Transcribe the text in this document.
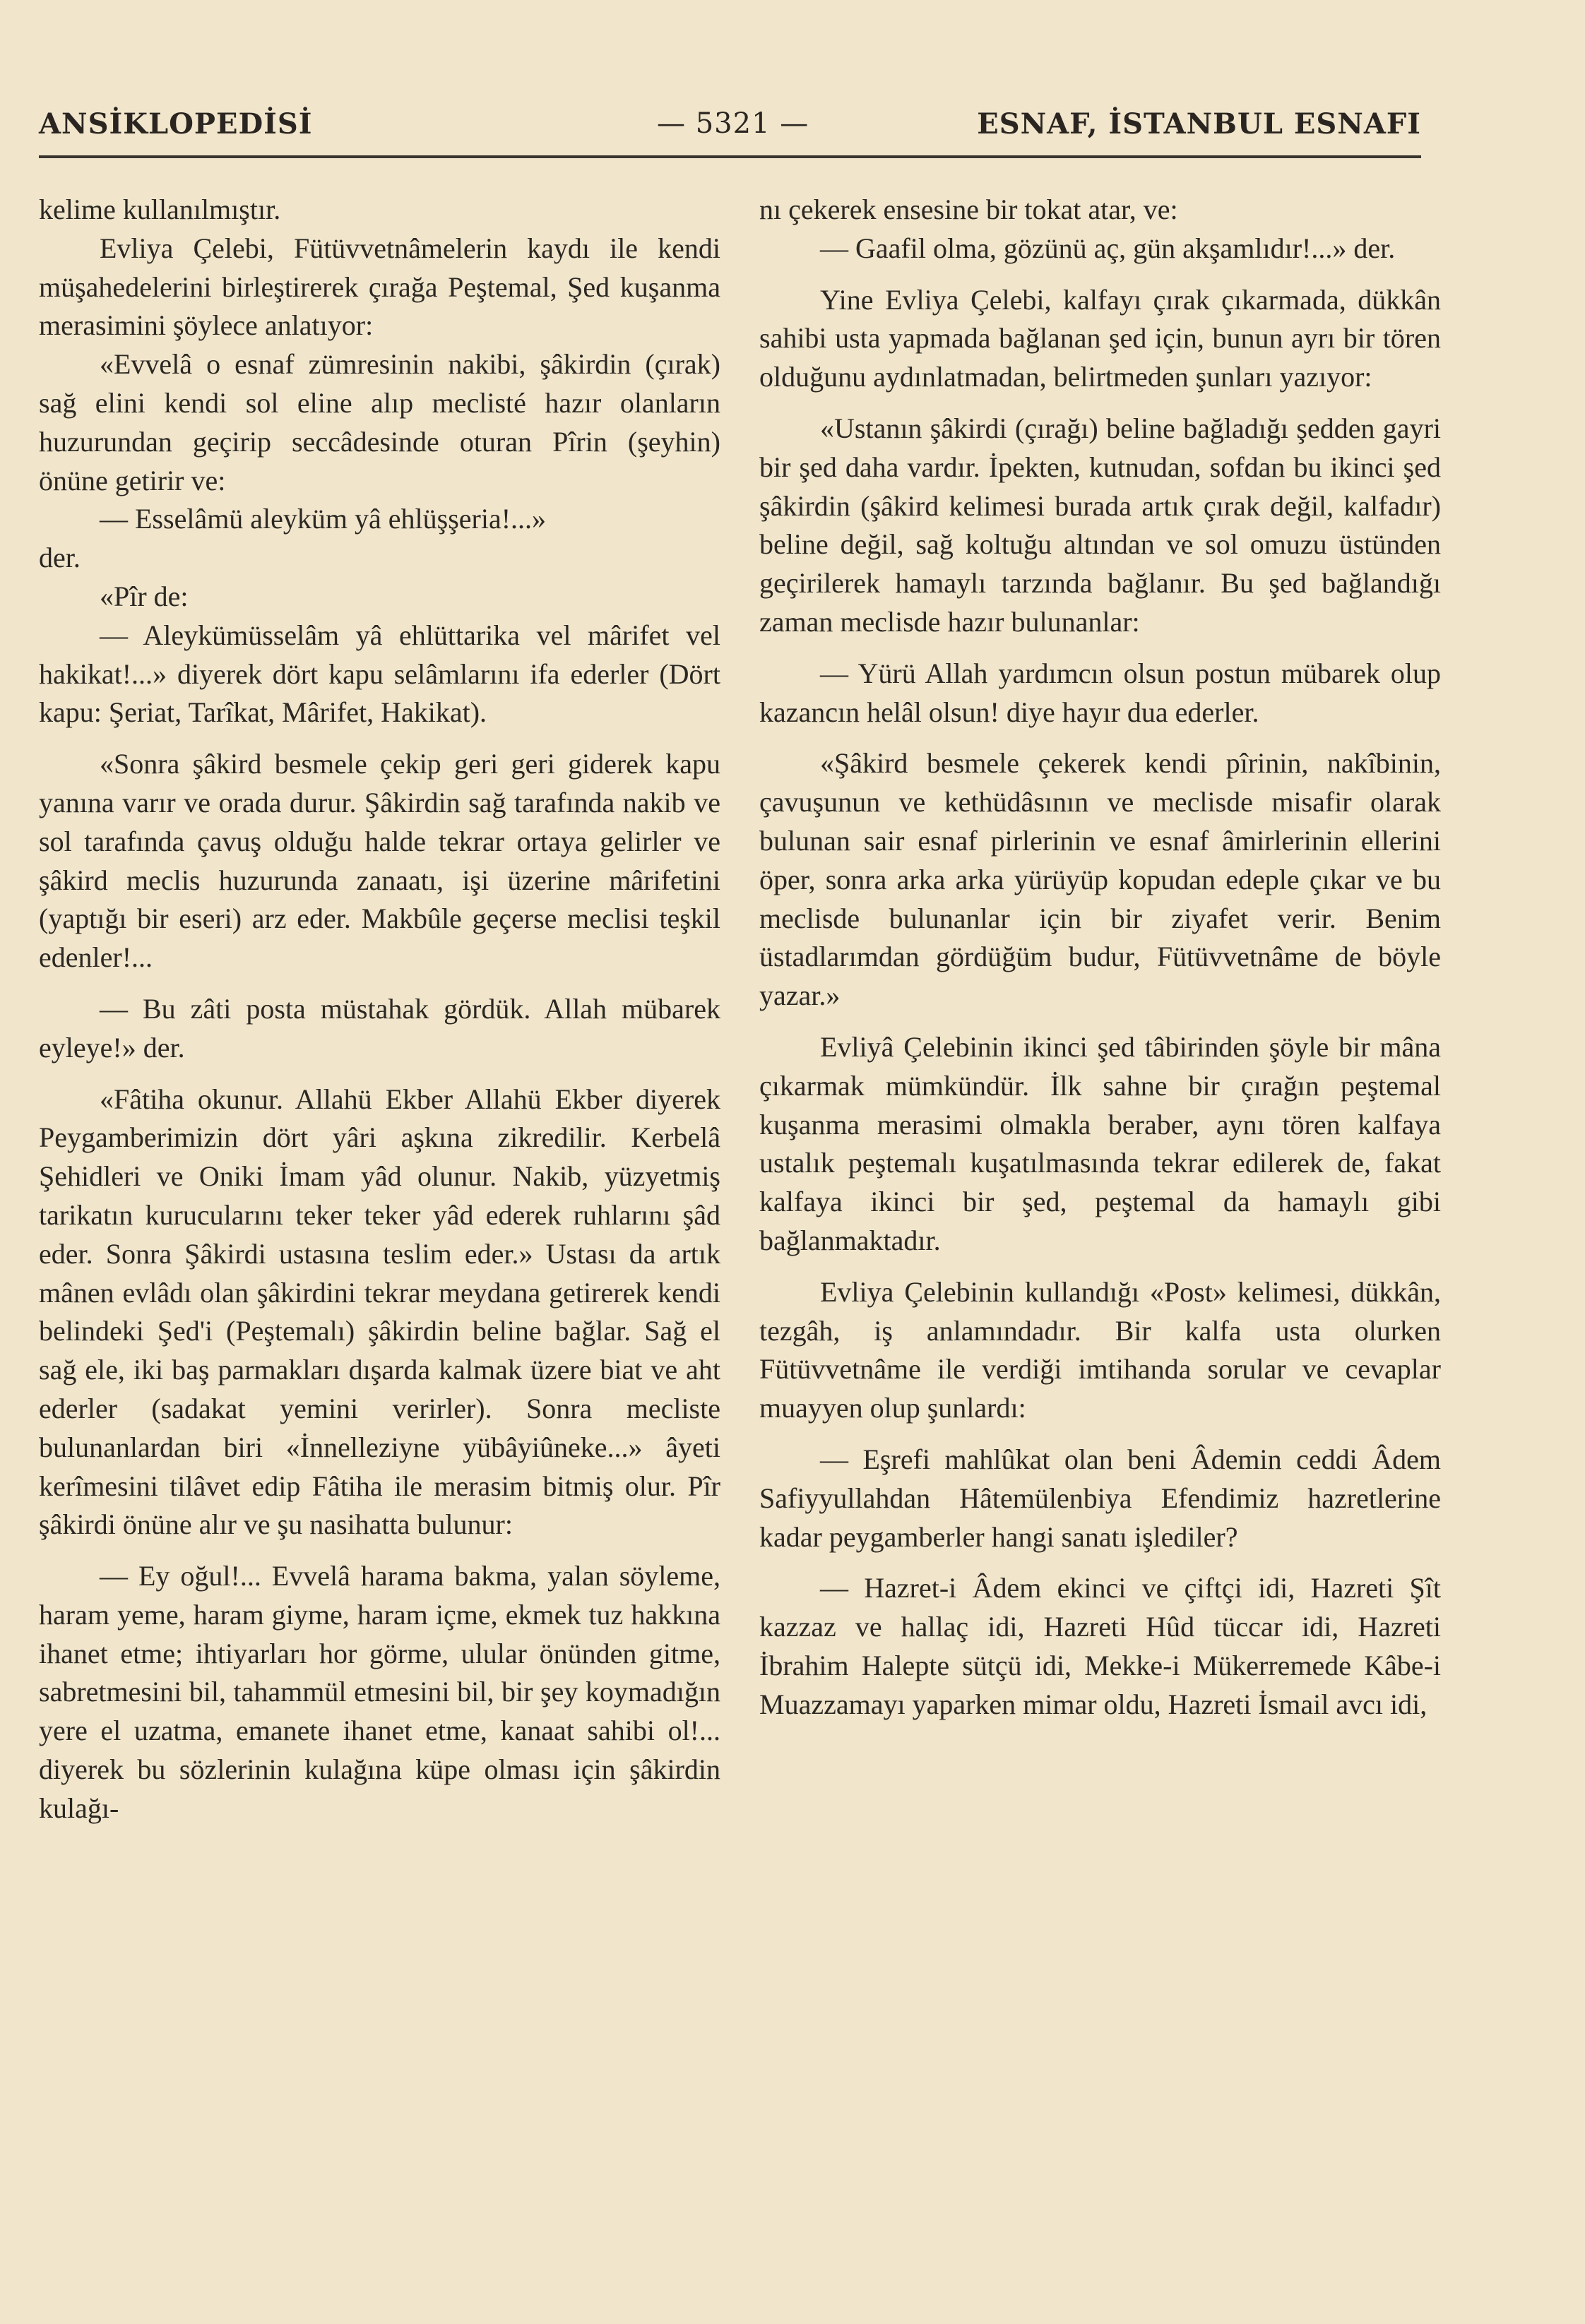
ANSİKLOPEDİSİ	— 5321 —	ESNAF, İSTANBUL ESNAFI

kelime kullanılmıştır.

Evliya Çelebi, Fütüvvetnâmelerin kaydı ile kendi müşahedelerini birleştirerek çırağa Peştemal, Şed kuşanma merasimini şöylece anlatıyor:

«Evvelâ o esnaf zümresinin nakibi, şâkirdin (çırak) sağ elini kendi sol eline alıp meclisté hazır olanların huzurundan geçirip seccâdesinde oturan Pîrin (şeyhin) önüne getirir ve:

— Esselâmü aleyküm yâ ehlüşşeria!...»

der.

«Pîr de:

— Aleykümüsselâm yâ ehlüttarika vel mârifet vel hakikat!...» diyerek dört kapu selâmlarını ifa ederler (Dört kapu: Şeriat, Tarîkat, Mârifet, Hakikat).

«Sonra şâkird besmele çekip geri geri giderek kapu yanına varır ve orada durur. Şâkirdin sağ tarafında nakib ve sol tarafında çavuş olduğu halde tekrar ortaya gelirler ve şâkird meclis huzurunda zanaatı, işi üzerine mârifetini (yaptığı bir eseri) arz eder. Makbûle geçerse meclisi teşkil edenler!...

— Bu zâti posta müstahak gördük. Allah mübarek eyleye!» der.

«Fâtiha okunur. Allahü Ekber Allahü Ekber diyerek Peygamberimizin dört yâri aşkına zikredilir. Kerbelâ Şehidleri ve Oniki İmam yâd olunur. Nakib, yüzyetmiş tarikatın kurucularını teker teker yâd ederek ruhlarını şâd eder. Sonra Şâkirdi ustasına teslim eder.» Ustası da artık mânen evlâdı olan şâkirdini tekrar meydana getirerek kendi belindeki Şed'i (Peştemalı) şâkirdin beline bağlar. Sağ el sağ ele, iki baş parmakları dışarda kalmak üzere biat ve aht ederler (sadakat yemini verirler). Sonra mecliste bulunanlardan biri «İnnelleziyne yübâyiûneke...» âyeti kerîmesini tilâvet edip Fâtiha ile merasim bitmiş olur. Pîr şâkirdi önüne alır ve şu nasihatta bulunur:

— Ey oğul!... Evvelâ harama bakma, yalan söyleme, haram yeme, haram giyme, haram içme, ekmek tuz hakkına ihanet etme; ihtiyarları hor görme, ulular önünden gitme, sabretmesini bil, tahammül etmesini bil, bir şey koymadığın yere el uzatma, emanete ihanet etme, kanaat sahibi ol!... diyerek bu sözlerinin kulağına küpe olması için şâkirdin kulağı-

nı çekerek ensesine bir tokat atar, ve:

— Gaafil olma, gözünü aç, gün akşamlıdır!...» der.

Yine Evliya Çelebi, kalfayı çırak çıkarmada, dükkân sahibi usta yapmada bağlanan şed için, bunun ayrı bir tören olduğunu aydınlatmadan, belirtmeden şunları yazıyor:

«Ustanın şâkirdi (çırağı) beline bağladığı şedden gayri bir şed daha vardır. İpekten, kutnudan, sofdan bu ikinci şed şâkirdin (şâkird kelimesi burada artık çırak değil, kalfadır) beline değil, sağ koltuğu altından ve sol omuzu üstünden geçirilerek hamaylı tarzında bağlanır. Bu şed bağlandığı zaman meclisde hazır bulunanlar:

— Yürü Allah yardımcın olsun postun mübarek olup kazancın helâl olsun! diye hayır dua ederler.

«Şâkird besmele çekerek kendi pîrinin, nakîbinin, çavuşunun ve kethüdâsının ve meclisde misafir olarak bulunan sair esnaf pirlerinin ve esnaf âmirlerinin ellerini öper, sonra arka arka yürüyüp kopudan edeple çıkar ve bu meclisde bulunanlar için bir ziyafet verir. Benim üstadlarımdan gördüğüm budur, Fütüvvetnâme de böyle yazar.»

Evliyâ Çelebinin ikinci şed tâbirinden şöyle bir mâna çıkarmak mümkündür. İlk sahne bir çırağın peştemal kuşanma merasimi olmakla beraber, aynı tören kalfaya ustalık peştemalı kuşatılmasında tekrar edilerek de, fakat kalfaya ikinci bir şed, peştemal da hamaylı gibi bağlanmaktadır.

Evliya Çelebinin kullandığı «Post» kelimesi, dükkân, tezgâh, iş anlamındadır. Bir kalfa usta olurken Fütüvvetnâme ile verdiği imtihanda sorular ve cevaplar muayyen olup şunlardı:

— Eşrefi mahlûkat olan beni Âdemin ceddi Âdem Safiyyullahdan Hâtemülenbiya Efendimiz hazretlerine kadar peygamberler hangi sanatı işlediler?

— Hazret-i Âdem ekinci ve çiftçi idi, Hazreti Şît kazzaz ve hallaç idi, Hazreti Hûd tüccar idi, Hazreti İbrahim Halepte sütçü idi, Mekke-i Mükerremede Kâbe-i Muazzamayı yaparken mimar oldu, Hazreti İsmail avcı idi,
